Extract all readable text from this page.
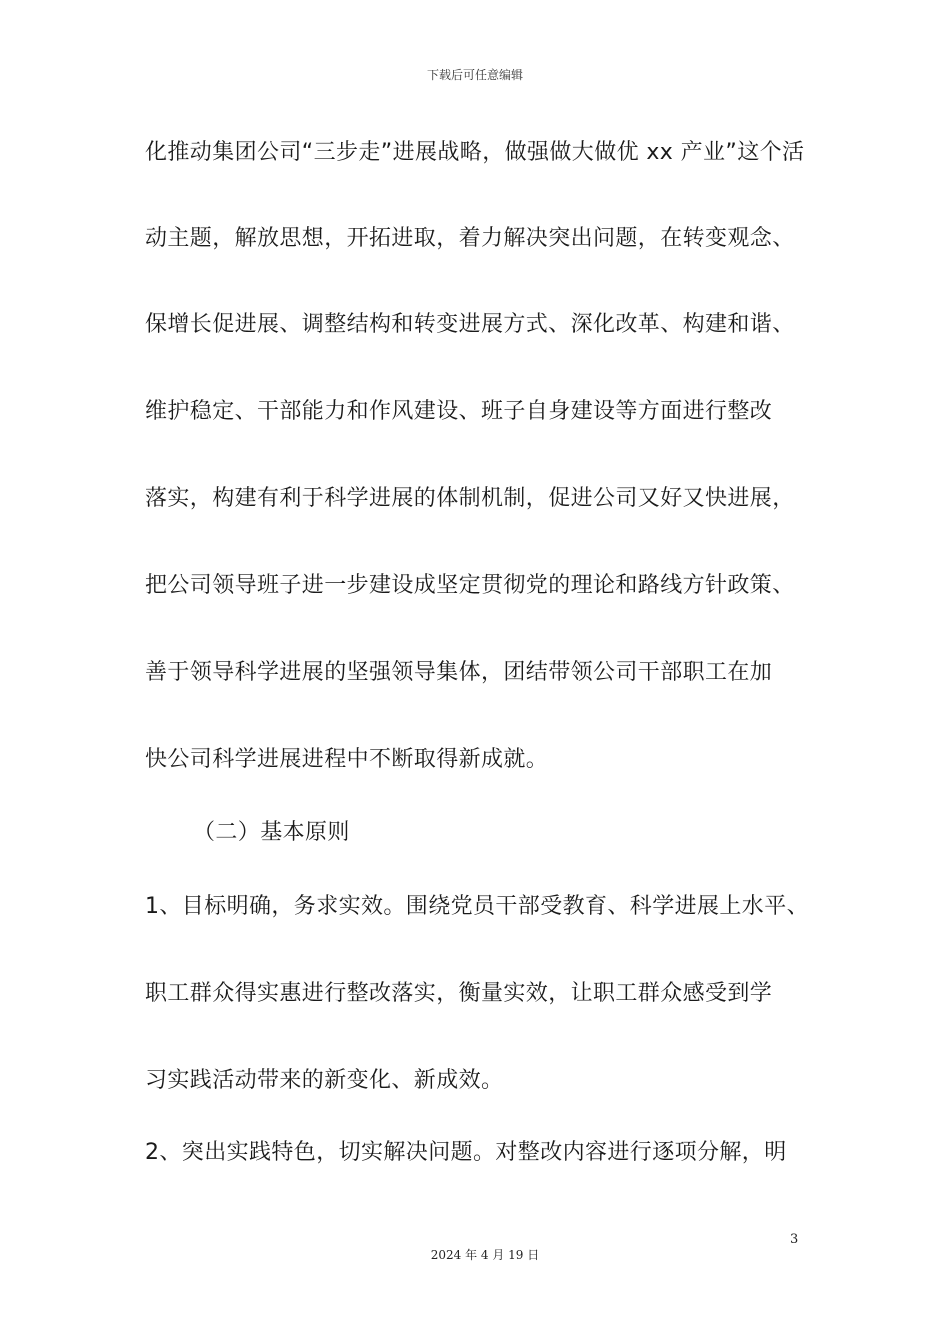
下载后可任意编辑
化推动集团公司“三步走”进展战略，做强做大做优 xx 产业”这个活
动主题，解放思想，开拓进取，着力解决突出问题，在转变观念、
保增长促进展、调整结构和转变进展方式、深化改革、构建和谐、
维护稳定、干部能力和作风建设、班子自身建设等方面进行整改
落实，构建有利于科学进展的体制机制，促进公司又好又快进展，
把公司领导班子进一步建设成坚定贯彻党的理论和路线方针政策、
善于领导科学进展的坚强领导集体，团结带领公司干部职工在加
快公司科学进展进程中不断取得新成就。
（二）基本原则
1、目标明确，务求实效。围绕党员干部受教育、科学进展上水平、
职工群众得实惠进行整改落实，衡量实效，让职工群众感受到学
习实践活动带来的新变化、新成效。
2、突出实践特色，切实解决问题。对整改内容进行逐项分解，明
3
2024 年 4 月 19 日
